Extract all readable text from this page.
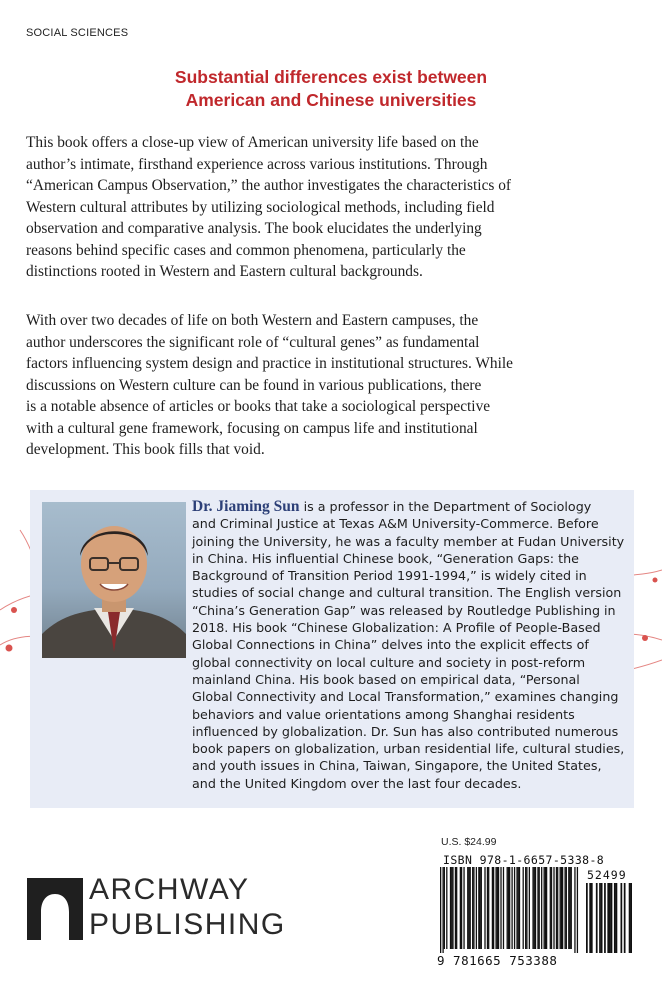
SOCIAL SCIENCES
Substantial differences exist between
American and Chinese universities
This book offers a close-up view of American university life based on the
author’s intimate, firsthand experience across various institutions. Through
“American Campus Observation,” the author investigates the characteristics of
Western cultural attributes by utilizing sociological methods, including field
observation and comparative analysis. The book elucidates the underlying
reasons behind specific cases and common phenomena, particularly the
distinctions rooted in Western and Eastern cultural backgrounds.
With over two decades of life on both Western and Eastern campuses, the
author underscores the significant role of “cultural genes” as fundamental
factors influencing system design and practice in institutional structures. While
discussions on Western culture can be found in various publications, there
is a notable absence of articles or books that take a sociological perspective
with a cultural gene framework, focusing on campus life and institutional
development. This book fills that void.
Dr. Jiaming Sun is a professor in the Department of Sociology
and Criminal Justice at Texas A&M University-Commerce. Before
joining the University, he was a faculty member at Fudan University
in China. His influential Chinese book, “Generation Gaps: the
Background of Transition Period 1991-1994,” is widely cited in
studies of social change and cultural transition. The English version
“China’s Generation Gap” was released by Routledge Publishing in
2018. His book “Chinese Globalization: A Profile of People-Based
Global Connections in China” delves into the explicit effects of
global connectivity on local culture and society in post-reform
mainland China. His book based on empirical data, “Personal
Global Connectivity and Local Transformation,” examines changing
behaviors and value orientations among Shanghai residents
influenced by globalization. Dr. Sun has also contributed numerous
book papers on globalization, urban residential life, cultural studies,
and youth issues in China, Taiwan, Singapore, the United States,
and the United Kingdom over the last four decades.
ARCHWAY
PUBLISHING
U.S. $24.99
ISBN 978-1-6657-5338-8
52499
9 781665 753388
